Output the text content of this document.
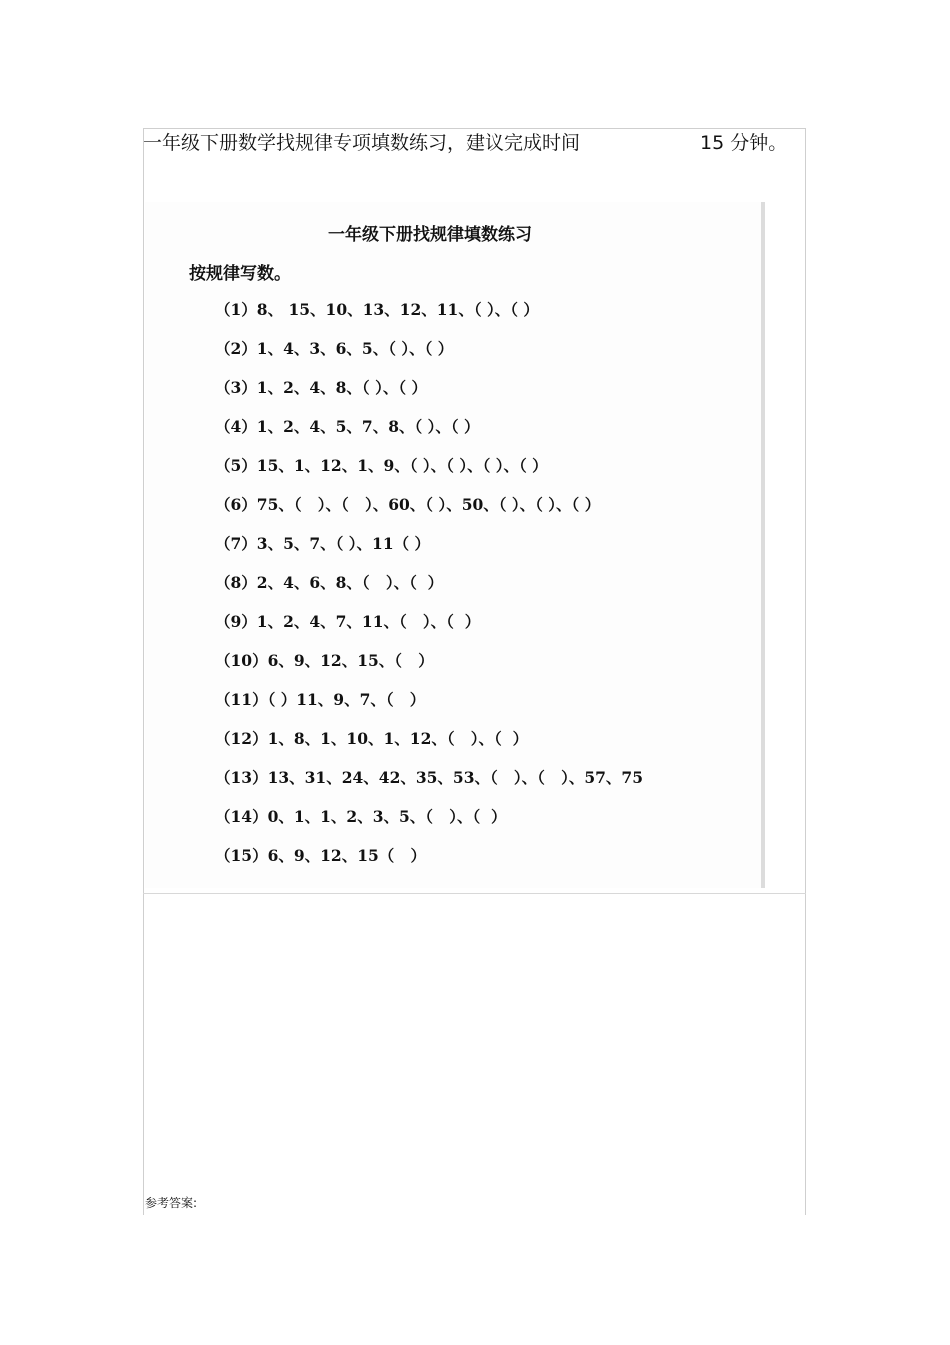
一年级下册数学找规律专项填数练习，建议完成时间	15 分钟。
一年级下册找规律填数练习
按规律写数。
（1）8、 15、10、13、12、11、（ ）、（ ）
（2）1、4、3、6、5、（ ）、（ ）
（3）1、2、4、8、（ ）、（ ）
（4）1、2、4、5、7、8、（ ）、（ ）
（5）15、1、12、1、9、（ ）、（ ）、（ ）、（ ）
（6）75、（   ）、（   ）、60、（ ）、50、（ ）、（ ）、（ ）
（7）3、5、7、（ ）、11（ ）
（8）2、4、6、8、（   ）、（  ）
（9）1、2、4、7、11、（   ）、（  ）
（10）6、9、12、15、（   ）
（11）（ ）11、9、7、（   ）
（12）1、8、1、10、1、12、（   ）、（  ）
（13）13、31、24、42、35、53、（   ）、（   ）、57、75
（14）0、1、1、2、3、5、（   ）、（  ）
（15）6、9、12、15（   ）
参考答案:
